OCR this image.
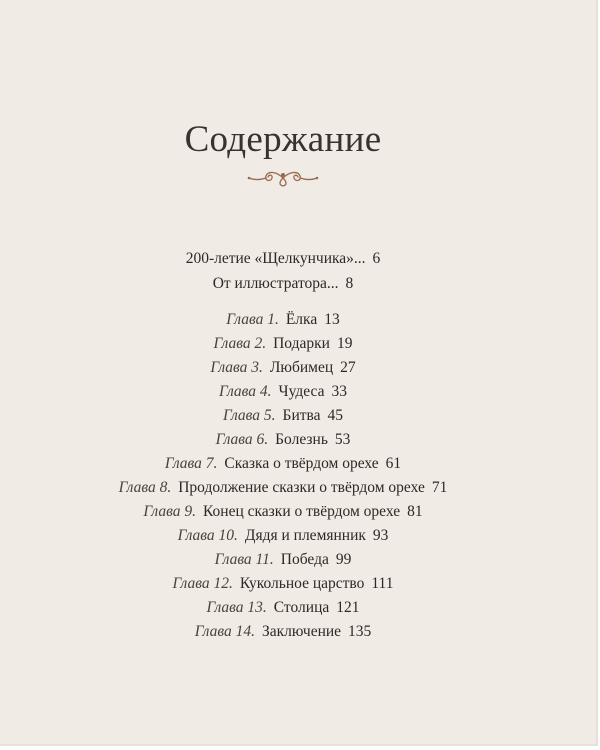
Содержание
200-летие «Щелкунчика»... 6
От иллюстратора... 8
Глава 1. Ёлка 13
Глава 2. Подарки 19
Глава 3. Любимец 27
Глава 4. Чудеса 33
Глава 5. Битва 45
Глава 6. Болезнь 53
Глава 7. Сказка о твёрдом орехе 61
Глава 8. Продолжение сказки о твёрдом орехе 71
Глава 9. Конец сказки о твёрдом орехе 81
Глава 10. Дядя и племянник 93
Глава 11. Победа 99
Глава 12. Кукольное царство 111
Глава 13. Столица 121
Глава 14. Заключение 135
